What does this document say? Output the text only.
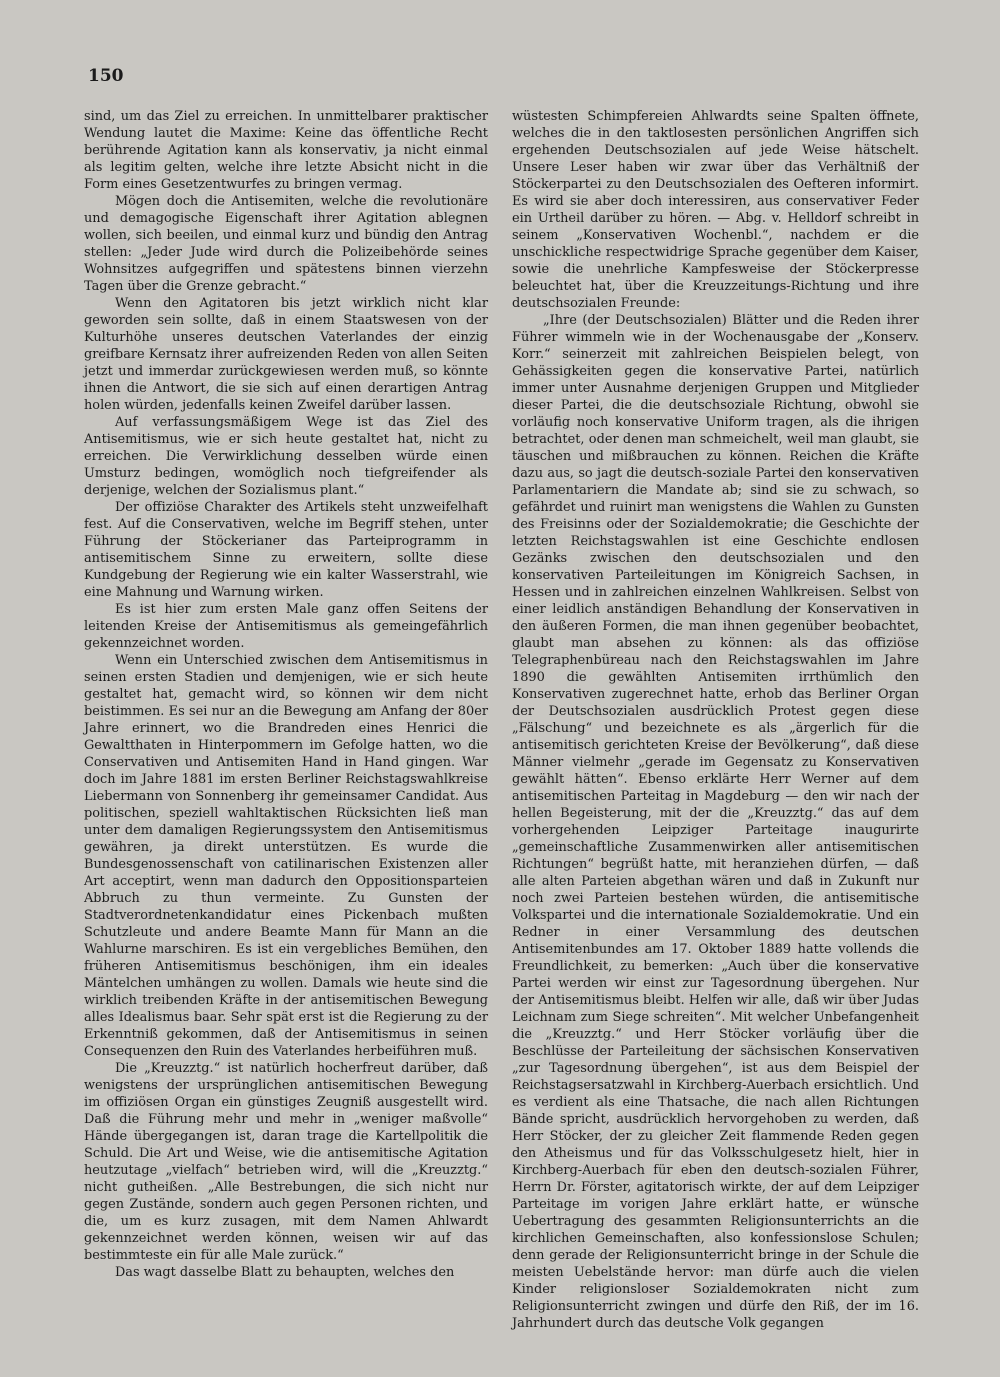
150

sind, um das Ziel zu erreichen. In unmittelbarer praktischer Wendung lautet die Maxime: Keine das öffentliche Recht berührende Agitation kann als konservativ, ja nicht einmal als legitim gelten, welche ihre letzte Absicht nicht in die Form eines Gesetzentwurfes zu bringen vermag.

Mögen doch die Antisemiten, welche die revolutionäre und demagogische Eigenschaft ihrer Agitation ablegnen wollen, sich beeilen, und einmal kurz und bündig den Antrag stellen: „Jeder Jude wird durch die Polizeibehörde seines Wohnsitzes aufgegriffen und spätestens binnen vierzehn Tagen über die Grenze gebracht.“

Wenn den Agitatoren bis jetzt wirklich nicht klar geworden sein sollte, daß in einem Staatswesen von der Kulturhöhe unseres deutschen Vaterlandes der einzig greifbare Kernsatz ihrer aufreizenden Reden von allen Seiten jetzt und immerdar zurückgewiesen werden muß, so könnte ihnen die Antwort, die sie sich auf einen derartigen Antrag holen würden, jedenfalls keinen Zweifel darüber lassen.

Auf verfassungsmäßigem Wege ist das Ziel des Antisemitismus, wie er sich heute gestaltet hat, nicht zu erreichen. Die Verwirklichung desselben würde einen Umsturz bedingen, womöglich noch tiefgreifender als derjenige, welchen der Sozialismus plant.“

Der offiziöse Charakter des Artikels steht unzweifelhaft fest. Auf die Conservativen, welche im Begriff stehen, unter Führung der Stöckerianer das Parteiprogramm in antisemitischem Sinne zu erweitern, sollte diese Kundgebung der Regierung wie ein kalter Wasserstrahl, wie eine Mahnung und Warnung wirken.

Es ist hier zum ersten Male ganz offen Seitens der leitenden Kreise der Antisemitismus als gemeingefährlich gekennzeichnet worden.

Wenn ein Unterschied zwischen dem Antisemitismus in seinen ersten Stadien und demjenigen, wie er sich heute gestaltet hat, gemacht wird, so können wir dem nicht beistimmen. Es sei nur an die Bewegung am Anfang der 80er Jahre erinnert, wo die Brandreden eines Henrici die Gewaltthaten in Hinterpommern im Gefolge hatten, wo die Conservativen und Antisemiten Hand in Hand gingen. War doch im Jahre 1881 im ersten Berliner Reichstagswahlkreise Liebermann von Sonnenberg ihr gemeinsamer Candidat. Aus politischen, speziell wahltaktischen Rücksichten ließ man unter dem damaligen Regierungssystem den Antisemitismus gewähren, ja direkt unterstützen. Es wurde die Bundesgenossenschaft von catilinarischen Existenzen aller Art acceptirt, wenn man dadurch den Oppositionsparteien Abbruch zu thun vermeinte. Zu Gunsten der Stadtverordnetenkandidatur eines Pickenbach mußten Schutzleute und andere Beamte Mann für Mann an die Wahlurne marschiren. Es ist ein vergebliches Bemühen, den früheren Antisemitismus beschönigen, ihm ein ideales Mäntelchen umhängen zu wollen. Damals wie heute sind die wirklich treibenden Kräfte in der antisemitischen Bewegung alles Idealismus baar. Sehr spät erst ist die Regierung zu der Erkenntniß gekommen, daß der Antisemitismus in seinen Consequenzen den Ruin des Vaterlandes herbeiführen muß.

Die „Kreuzztg.“ ist natürlich hocherfreut darüber, daß wenigstens der ursprünglichen antisemitischen Bewegung im offiziösen Organ ein günstiges Zeugniß ausgestellt wird. Daß die Führung mehr und mehr in „weniger maßvolle“ Hände übergegangen ist, daran trage die Kartellpolitik die Schuld. Die Art und Weise, wie die antisemitische Agitation heutzutage „vielfach“ betrieben wird, will die „Kreuzztg.“ nicht gutheißen. „Alle Bestrebungen, die sich nicht nur gegen Zustände, sondern auch gegen Personen richten, und die, um es kurz zusagen, mit dem Namen Ahlwardt gekennzeichnet werden können, weisen wir auf das bestimmteste ein für alle Male zurück.“

Das wagt dasselbe Blatt zu behaupten, welches den

wüstesten Schimpfereien Ahlwardts seine Spalten öffnete, welches die in den taktlosesten persönlichen Angriffen sich ergehenden Deutschsozialen auf jede Weise hätschelt. Unsere Leser haben wir zwar über das Verhältniß der Stöckerpartei zu den Deutschsozialen des Oefteren informirt. Es wird sie aber doch interessiren, aus conservativer Feder ein Urtheil darüber zu hören. — Abg. v. Helldorf schreibt in seinem „Konservativen Wochenbl.“, nachdem er die unschickliche respectwidrige Sprache gegenüber dem Kaiser, sowie die unehrliche Kampfesweise der Stöckerpresse beleuchtet hat, über die Kreuzzeitungs-Richtung und ihre deutschsozialen Freunde:

„Ihre (der Deutschsozialen) Blätter und die Reden ihrer Führer wimmeln wie in der Wochenausgabe der „Konserv. Korr.“ seinerzeit mit zahlreichen Beispielen belegt, von Gehässigkeiten gegen die konservative Partei, natürlich immer unter Ausnahme derjenigen Gruppen und Mitglieder dieser Partei, die die deutschsoziale Richtung, obwohl sie vorläufig noch konservative Uniform tragen, als die ihrigen betrachtet, oder denen man schmeichelt, weil man glaubt, sie täuschen und mißbrauchen zu können. Reichen die Kräfte dazu aus, so jagt die deutsch-soziale Partei den konservativen Parlamentariern die Mandate ab; sind sie zu schwach, so gefährdet und ruinirt man wenigstens die Wahlen zu Gunsten des Freisinns oder der Sozialdemokratie; die Geschichte der letzten Reichstagswahlen ist eine Geschichte endlosen Gezänks zwischen den deutschsozialen und den konservativen Parteileitungen im Königreich Sachsen, in Hessen und in zahlreichen einzelnen Wahlkreisen. Selbst von einer leidlich anständigen Behandlung der Konservativen in den äußeren Formen, die man ihnen gegenüber beobachtet, glaubt man absehen zu können: als das offiziöse Telegraphenbüreau nach den Reichstagswahlen im Jahre 1890 die gewählten Antisemiten irrthümlich den Konservativen zugerechnet hatte, erhob das Berliner Organ der Deutschsozialen ausdrücklich Protest gegen diese „Fälschung“ und bezeichnete es als „ärgerlich für die antisemitisch gerichteten Kreise der Bevölkerung“, daß diese Männer vielmehr „gerade im Gegensatz zu Konservativen gewählt hätten“. Ebenso erklärte Herr Werner auf dem antisemitischen Parteitag in Magdeburg — den wir nach der hellen Begeisterung, mit der die „Kreuzztg.“ das auf dem vorhergehenden Leipziger Parteitage inaugurirte „gemeinschaftliche Zusammenwirken aller antisemitischen Richtungen“ begrüßt hatte, mit heranziehen dürfen, — daß alle alten Parteien abgethan wären und daß in Zukunft nur noch zwei Parteien bestehen würden, die antisemitische Volkspartei und die internationale Sozialdemokratie. Und ein Redner in einer Versammlung des deutschen Antisemitenbundes am 17. Oktober 1889 hatte vollends die Freundlichkeit, zu bemerken: „Auch über die konservative Partei werden wir einst zur Tagesordnung übergehen. Nur der Antisemitismus bleibt. Helfen wir alle, daß wir über Judas Leichnam zum Siege schreiten“. Mit welcher Unbefangenheit die „Kreuzztg.“ und Herr Stöcker vorläufig über die Beschlüsse der Parteileitung der sächsischen Konservativen „zur Tagesordnung übergehen“, ist aus dem Beispiel der Reichstagsersatzwahl in Kirchberg-Auerbach ersichtlich. Und es verdient als eine Thatsache, die nach allen Richtungen Bände spricht, ausdrücklich hervorgehoben zu werden, daß Herr Stöcker, der zu gleicher Zeit flammende Reden gegen den Atheismus und für das Volksschulgesetz hielt, hier in Kirchberg-Auerbach für eben den deutsch-sozialen Führer, Herrn Dr. Förster, agitatorisch wirkte, der auf dem Leipziger Parteitage im vorigen Jahre erklärt hatte, er wünsche Uebertragung des gesammten Religionsunterrichts an die kirchlichen Gemeinschaften, also konfessionslose Schulen; denn gerade der Religionsunterricht bringe in der Schule die meisten Uebelstände hervor: man dürfe auch die vielen Kinder religionsloser Sozialdemokraten nicht zum Religionsunterricht zwingen und dürfe den Riß, der im 16. Jahrhundert durch das deutsche Volk gegangen
